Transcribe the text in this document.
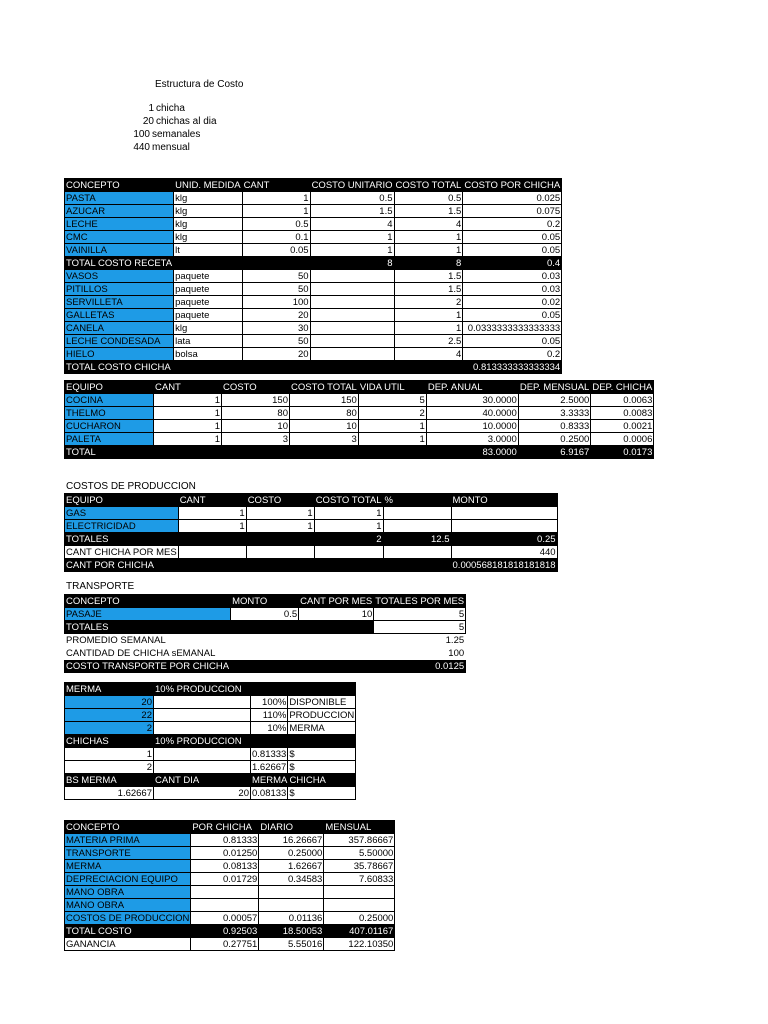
Estructura de Costo
1 chicha
20 chichas al dia
100 semanales
440 mensual
CONCEPTO	UNID. MEDIDA	CANT	COSTO UNITARIO	COSTO TOTAL	COSTO POR CHICHA
PASTA	klg	1	0.5	0.5	0.025
AZUCAR	klg	1	1.5	1.5	0.075
LECHE	klg	0.5	4	4	0.2
CMC	klg	0.1	1	1	0.05
VAINILLA	lt	0.05	1	1	0.05
TOTAL COSTO RECETA			8	8	0.4
VASOS	paquete	50		1.5	0.03
PITILLOS	paquete	50		1.5	0.03
SERVILLETA	paquete	100		2	0.02
GALLETAS	paquete	20		1	0.05
CANELA	klg	30		1	0.0333333333333333
LECHE CONDESADA	lata	50		2.5	0.05
HIELO	bolsa	20		4	0.2
TOTAL COSTO CHICHA					0.813333333333334
EQUIPO	CANT	COSTO	COSTO TOTAL	VIDA UTIL	DEP. ANUAL	DEP. MENSUAL	DEP. CHICHA
COCINA	1	150	150	5	30.0000	2.5000	0.0063
THELMO	1	80	80	2	40.0000	3.3333	0.0083
CUCHARON	1	10	10	1	10.0000	0.8333	0.0021
PALETA	1	3	3	1	3.0000	0.2500	0.0006
TOTAL					83.0000	6.9167	0.0173
COSTOS DE PRODUCCION
EQUIPO	CANT	COSTO	COSTO TOTAL	%	MONTO
GAS	1	1	1		
ELECTRICIDAD	1	1	1		
TOTALES			2	12.5	0.25
CANT CHICHA POR MES					440
CANT POR CHICHA					0.000568181818181818
TRANSPORTE
CONCEPTO	MONTO	CANT POR MES	TOTALES POR MES
PASAJE	0.5	10	5
TOTALES			5
PROMEDIO SEMANAL			1.25
CANTIDAD DE CHICHA sEMANAL			100
COSTO TRANSPORTE POR CHICHA			0.0125
MERMA	10% PRODUCCION		
20		100%	DISPONIBLE
22		110%	PRODUCCION
2		10%	MERMA
CHICHAS	10% PRODUCCION		
1		0.81333	$
2		1.62667	$
BS MERMA	CANT DIA	MERMA CHICHA	
1.62667	20	0.08133	$
CONCEPTO	POR CHICHA	DIARIO	MENSUAL
MATERIA PRIMA	0.81333	16.26667	357.86667
TRANSPORTE	0.01250	0.25000	5.50000
MERMA	0.08133	1.62667	35.78667
DEPRECIACION EQUIPO	0.01729	0.34583	7.60833
MANO OBRA			
MANO OBRA			
COSTOS DE PRODUCCION	0.00057	0.01136	0.25000
TOTAL COSTO	0.92503	18.50053	407.01167
GANANCIA	0.27751	5.55016	122.10350
